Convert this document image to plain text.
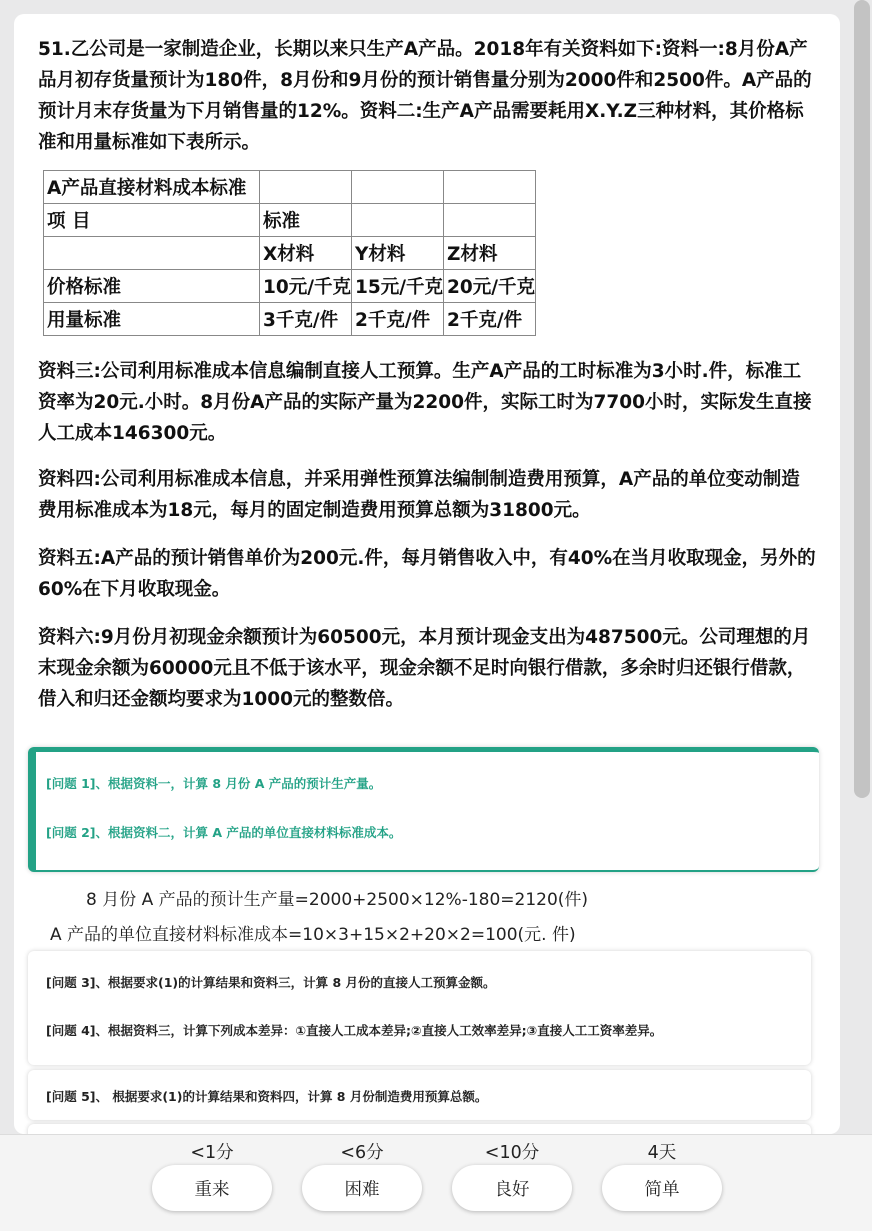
51.乙公司是一家制造企业，长期以来只生产A产品。2018年有关资料如下:资料一:8月份A产品月初存货量预计为180件，8月份和9月份的预计销售量分别为2000件和2500件。A产品的预计月末存货量为下月销售量的12%。资料二:生产A产品需要耗用X.Y.Z三种材料，其价格标准和用量标准如下表所示。

A产品直接材料成本标准			
项 目	标准		
	X材料	Y材料	Z材料
价格标准	10元/千克	15元/千克	20元/千克
用量标准	3千克/件	2千克/件	2千克/件

资料三:公司利用标准成本信息编制直接人工预算。生产A产品的工时标准为3小时.件，标准工资率为20元.小时。8月份A产品的实际产量为2200件，实际工时为7700小时，实际发生直接人工成本146300元。

资料四:公司利用标准成本信息，并采用弹性预算法编制制造费用预算，A产品的单位变动制造费用标准成本为18元，每月的固定制造费用预算总额为31800元。

资料五:A产品的预计销售单价为200元.件，每月销售收入中，有40%在当月收取现金，另外的60%在下月收取现金。

资料六:9月份月初现金余额预计为60500元，本月预计现金支出为487500元。公司理想的月末现金余额为60000元且不低于该水平，现金余额不足时向银行借款，多余时归还银行借款，借入和归还金额均要求为1000元的整数倍。

[问题 1]、根据资料一，计算 8 月份 A 产品的预计生产量。
[问题 2]、根据资料二，计算 A 产品的单位直接材料标准成本。
8 月份 A 产品的预计生产量=2000+2500×12%-180=2120(件)
A 产品的单位直接材料标准成本=10×3+15×2+20×2=100(元. 件)
[问题 3]、根据要求(1)的计算结果和资料三，计算 8 月份的直接人工预算金额。
[问题 4]、根据资料三，计算下列成本差异：①直接人工成本差异;②直接人工效率差异;③直接人工工资率差异。
[问题 5]、 根据要求(1)的计算结果和资料四，计算 8 月份制造费用预算总额。
<1分	<6分	<10分	4天
重来	困难	良好	简单
